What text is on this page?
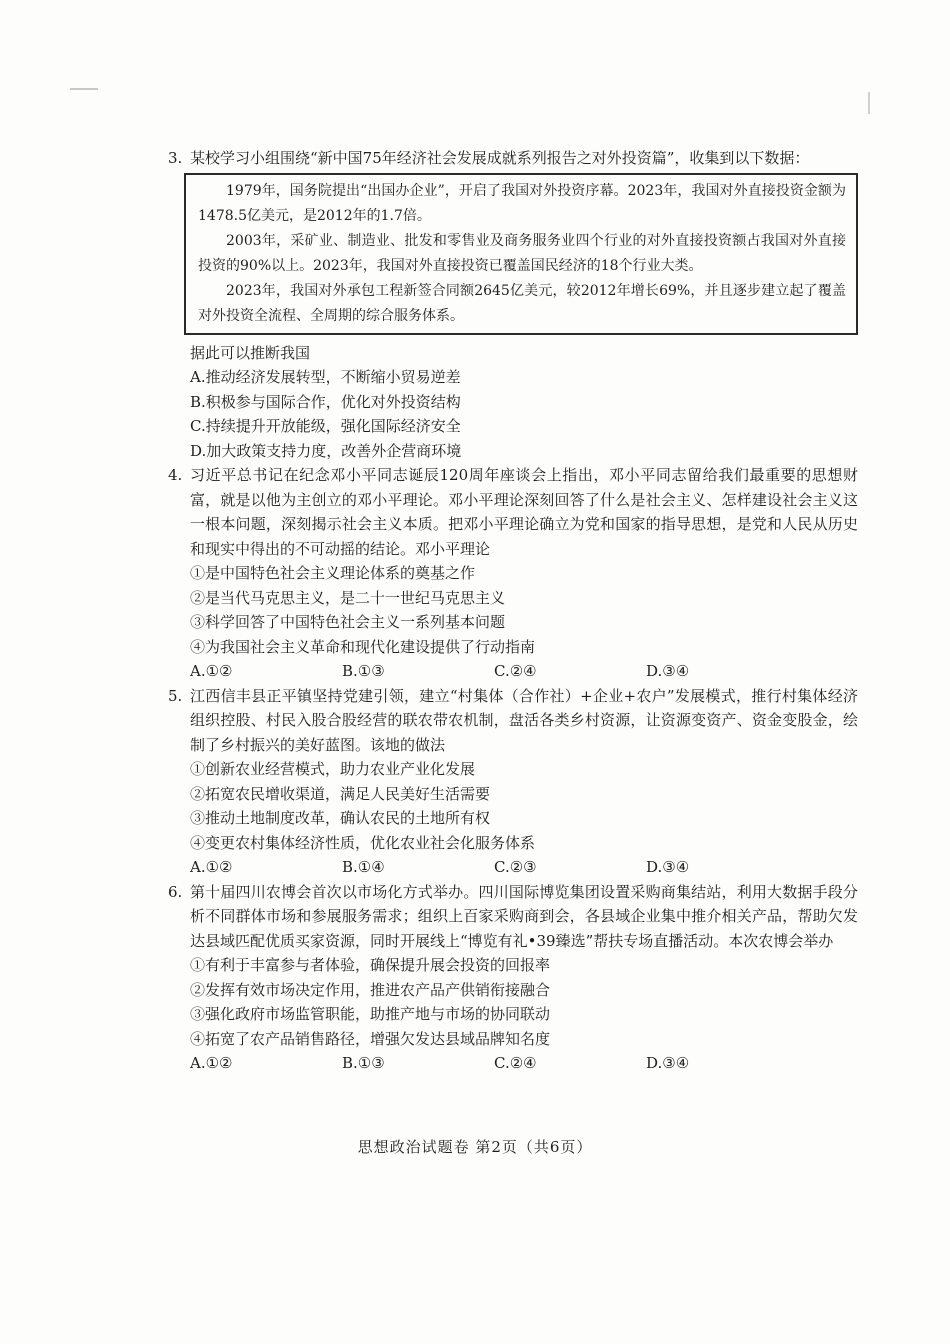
3. 某校学习小组围绕“新中国75年经济社会发展成就系列报告之对外投资篇”，收集到以下数据：

1979年，国务院提出“出国办企业”，开启了我国对外投资序幕。2023年，我国对外直接投资金额为1478.5亿美元，是2012年的1.7倍。

2003年，采矿业、制造业、批发和零售业及商务服务业四个行业的对外直接投资额占我国对外直接投资的90%以上。2023年，我国对外直接投资已覆盖国民经济的18个行业大类。

2023年，我国对外承包工程新签合同额2645亿美元，较2012年增长69%，并且逐步建立起了覆盖对外投资全流程、全周期的综合服务体系。

据此可以推断我国
A.推动经济发展转型，不断缩小贸易逆差
B.积极参与国际合作，优化对外投资结构
C.持续提升开放能级，强化国际经济安全
D.加大政策支持力度，改善外企营商环境
4. 习近平总书记在纪念邓小平同志诞辰120周年座谈会上指出，邓小平同志留给我们最重要的思想财富，就是以他为主创立的邓小平理论。邓小平理论深刻回答了什么是社会主义、怎样建设社会主义这一根本问题，深刻揭示社会主义本质。把邓小平理论确立为党和国家的指导思想，是党和人民从历史和现实中得出的不可动摇的结论。邓小平理论
①是中国特色社会主义理论体系的奠基之作
②是当代马克思主义，是二十一世纪马克思主义
③科学回答了中国特色社会主义一系列基本问题
④为我国社会主义革命和现代化建设提供了行动指南
A.①②	B.①③	C.②④	D.③④
5. 江西信丰县正平镇坚持党建引领，建立“村集体（合作社）+企业+农户”发展模式，推行村集体经济组织控股、村民入股合股经营的联农带农机制，盘活各类乡村资源，让资源变资产、资金变股金，绘制了乡村振兴的美好蓝图。该地的做法
①创新农业经营模式，助力农业产业化发展
②拓宽农民增收渠道，满足人民美好生活需要
③推动土地制度改革，确认农民的土地所有权
④变更农村集体经济性质，优化农业社会化服务体系
A.①②	B.①④	C.②③	D.③④
6. 第十届四川农博会首次以市场化方式举办。四川国际博览集团设置采购商集结站，利用大数据手段分析不同群体市场和参展服务需求；组织上百家采购商到会，各县域企业集中推介相关产品，帮助欠发达县域匹配优质买家资源，同时开展线上“博览有礼•39臻选”帮扶专场直播活动。本次农博会举办
①有利于丰富参与者体验，确保提升展会投资的回报率
②发挥有效市场决定作用，推进农产品产供销衔接融合
③强化政府市场监管职能，助推产地与市场的协同联动
④拓宽了农产品销售路径，增强欠发达县域品牌知名度
A.①②	B.①③	C.②④	D.③④
思想政治试题卷 第2页（共6页）
